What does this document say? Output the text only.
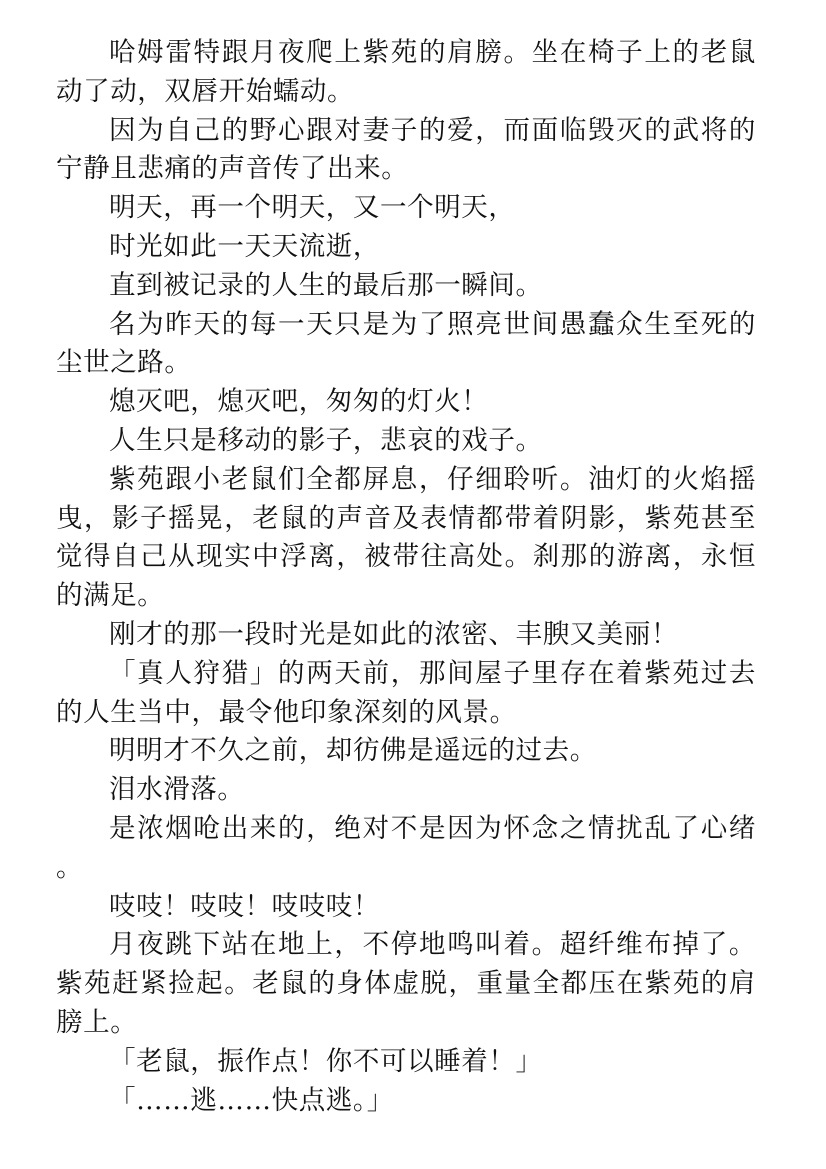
哈姆雷特跟月夜爬上紫苑的肩膀。坐在椅子上的老鼠动了动，双唇开始蠕动。

因为自己的野心跟对妻子的爱，而面临毁灭的武将的宁静且悲痛的声音传了出来。

明天，再一个明天，又一个明天，

时光如此一天天流逝，

直到被记录的人生的最后那一瞬间。

名为昨天的每一天只是为了照亮世间愚蠢众生至死的尘世之路。

熄灭吧，熄灭吧，匆匆的灯火！

人生只是移动的影子，悲哀的戏子。

紫苑跟小老鼠们全都屏息，仔细聆听。油灯的火焰摇曳，影子摇晃，老鼠的声音及表情都带着阴影，紫苑甚至觉得自己从现实中浮离，被带往高处。刹那的游离，永恒的满足。

刚才的那一段时光是如此的浓密、丰腴又美丽！

「真人狩猎」的两天前，那间屋子里存在着紫苑过去的人生当中，最令他印象深刻的风景。

明明才不久之前，却彷佛是遥远的过去。

泪水滑落。

是浓烟呛出来的，绝对不是因为怀念之情扰乱了心绪。

吱吱！吱吱！吱吱吱！

月夜跳下站在地上，不停地鸣叫着。超纤维布掉了。紫苑赶紧捡起。老鼠的身体虚脱，重量全都压在紫苑的肩膀上。

「老鼠，振作点！你不可以睡着！」

「……逃……快点逃。」
